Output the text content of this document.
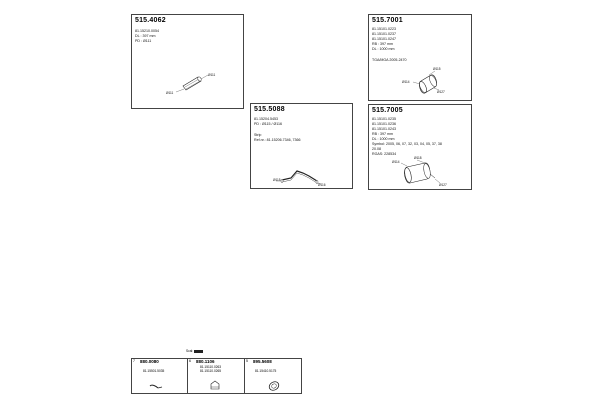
515.4062
81.15210.0054
DL : 397 mm
PD : Ø111
Ø111
Ø111
515.5088
81.15204.5453
PD : Ø115 / Ø116
Strip
Ref.nr.: 81.15206.7346, 7366
Ø115
Ø116
515.7001
81.15101.0223
81.15101.0237
81.15101.0247
RB : 397 mm
DL : 1000 mm
TGA/MGA 2005-2470
Ø114
Ø115
Ø127
515.7005
81.15101.0235
81.15101.0236
81.15101.0243
RB : 397 mm
DL : 1000 mm
Symbol: 2005, 06, 07, 32, 03, 04, 05, 37, 38
20.08
RGAS: 228534
Ø114
Ø118
Ø127
Scal:
7 880.0080
81.15501.5035
6 880.1106
81.15110.0263
81.15110.0265
5 895.5608
81.15410.5175
